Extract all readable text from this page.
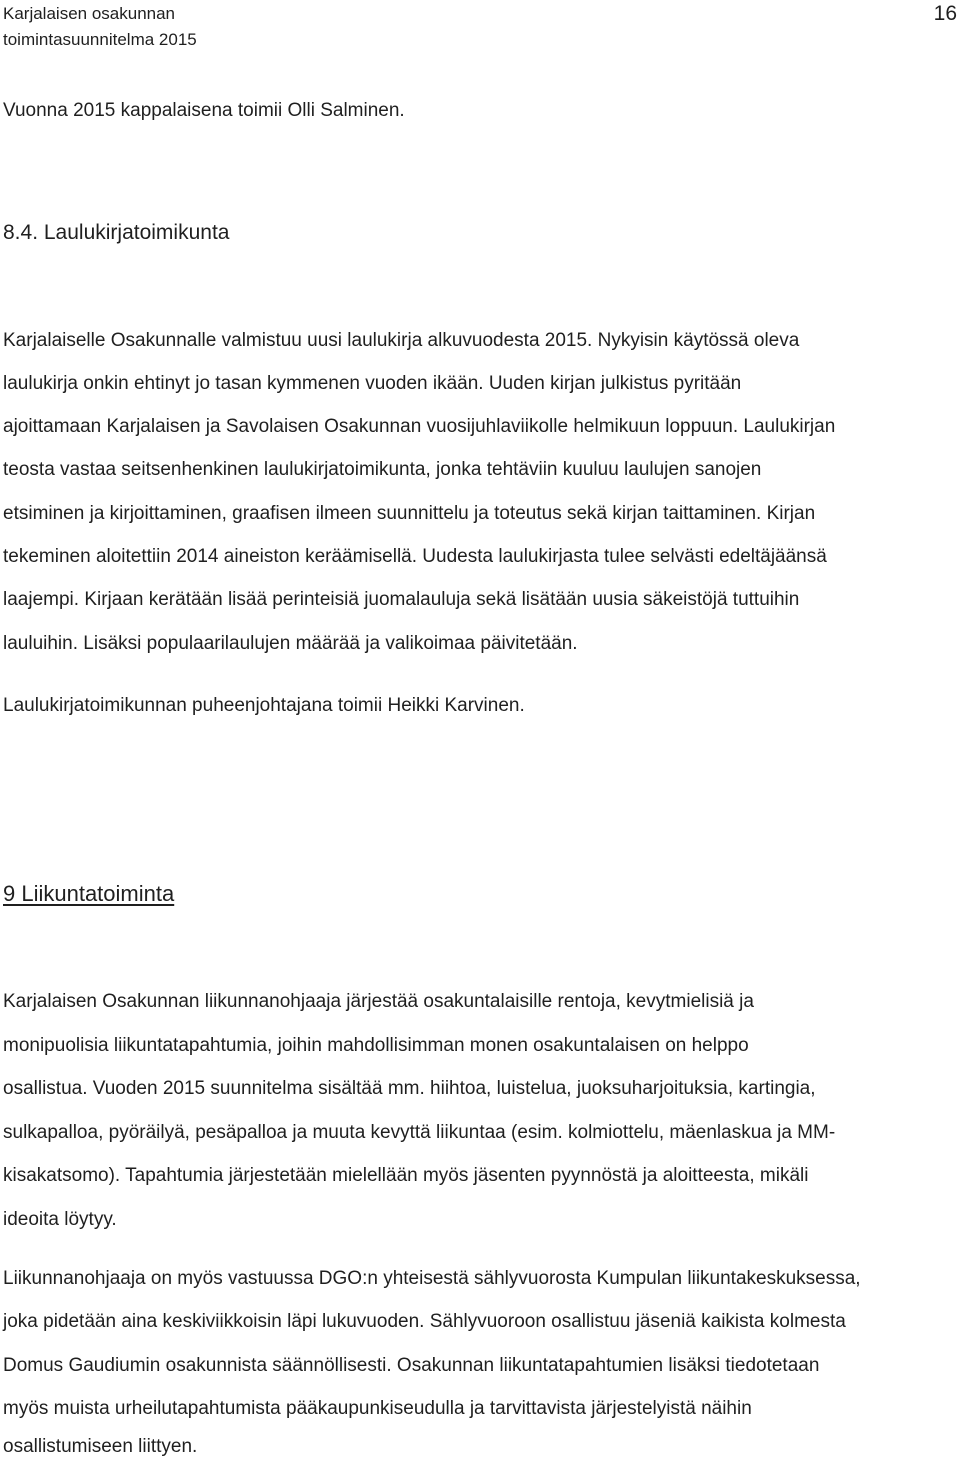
Karjalaisen osakunnan
toimintasuunnitelma 2015
16

Vuonna 2015 kappalaisena toimii Olli Salminen.

8.4. Laulukirjatoimikunta

Karjalaiselle Osakunnalle valmistuu uusi laulukirja alkuvuodesta 2015. Nykyisin käytössä oleva

laulukirja onkin ehtinyt jo tasan kymmenen vuoden ikään. Uuden kirjan julkistus pyritään

ajoittamaan Karjalaisen ja Savolaisen Osakunnan vuosijuhlaviikolle helmikuun loppuun. Laulukirjan

teosta vastaa seitsenhenkinen laulukirjatoimikunta, jonka tehtäviin kuuluu laulujen sanojen

etsiminen ja kirjoittaminen, graafisen ilmeen suunnittelu ja toteutus sekä kirjan taittaminen. Kirjan

tekeminen aloitettiin 2014 aineiston keräämisellä. Uudesta laulukirjasta tulee selvästi edeltäjäänsä

laajempi. Kirjaan kerätään lisää perinteisiä juomalauluja sekä lisätään uusia säkeistöjä tuttuihin

lauluihin. Lisäksi populaarilaulujen määrää ja valikoimaa päivitetään.

Laulukirjatoimikunnan puheenjohtajana toimii Heikki Karvinen.

9 Liikuntatoiminta

Karjalaisen Osakunnan liikunnanohjaaja järjestää osakuntalaisille rentoja, kevytmielisiä ja

monipuolisia liikuntatapahtumia, joihin mahdollisimman monen osakuntalaisen on helppo

osallistua. Vuoden 2015 suunnitelma sisältää mm. hiihtoa, luistelua, juoksuharjoituksia, kartingia,

sulkapalloa, pyöräilyä, pesäpalloa ja muuta kevyttä liikuntaa (esim. kolmiottelu, mäenlaskua ja MM-

kisakatsomo). Tapahtumia järjestetään mielellään myös jäsenten pyynnöstä ja aloitteesta, mikäli

ideoita löytyy.

Liikunnanohjaaja on myös vastuussa DGO:n yhteisestä sählyvuorosta Kumpulan liikuntakeskuksessa,

joka pidetään aina keskiviikkoisin läpi lukuvuoden. Sählyvuoroon osallistuu jäseniä kaikista kolmesta

Domus Gaudiumin osakunnista säännöllisesti. Osakunnan liikuntatapahtumien lisäksi tiedotetaan

myös muista urheilutapahtumista pääkaupunkiseudulla ja tarvittavista järjestelyistä näihin

osallistumiseen liittyen.
